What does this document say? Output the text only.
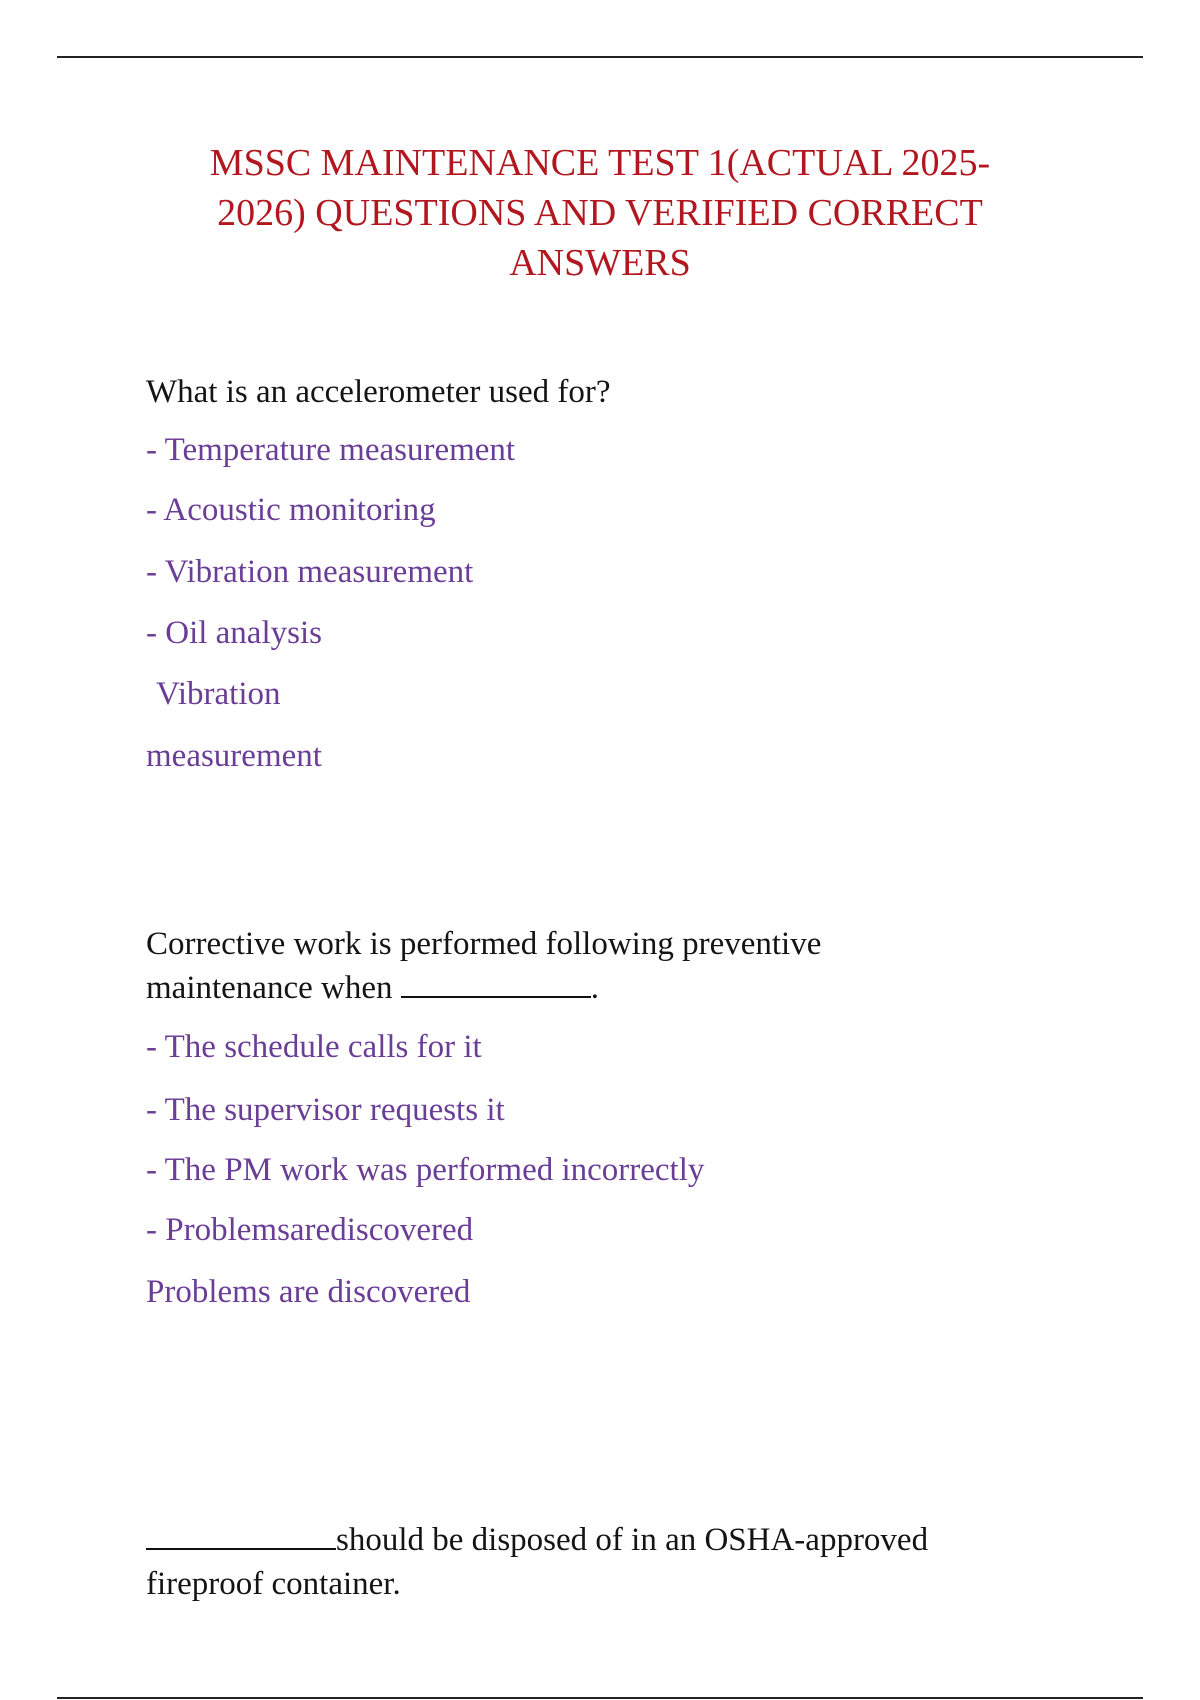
MSSC MAINTENANCE TEST 1(ACTUAL 2025-
2026) QUESTIONS AND VERIFIED CORRECT
ANSWERS

What is an accelerometer used for?

- Temperature measurement

- Acoustic monitoring

- Vibration measurement

- Oil analysis

Vibration

measurement

Corrective work is performed following preventive

maintenance when	.

- The schedule calls for it

- The supervisor requests it

- The PM work was performed incorrectly

- Problemsarediscovered

Problems are discovered

should be disposed of in an OSHA-approved

fireproof container.
